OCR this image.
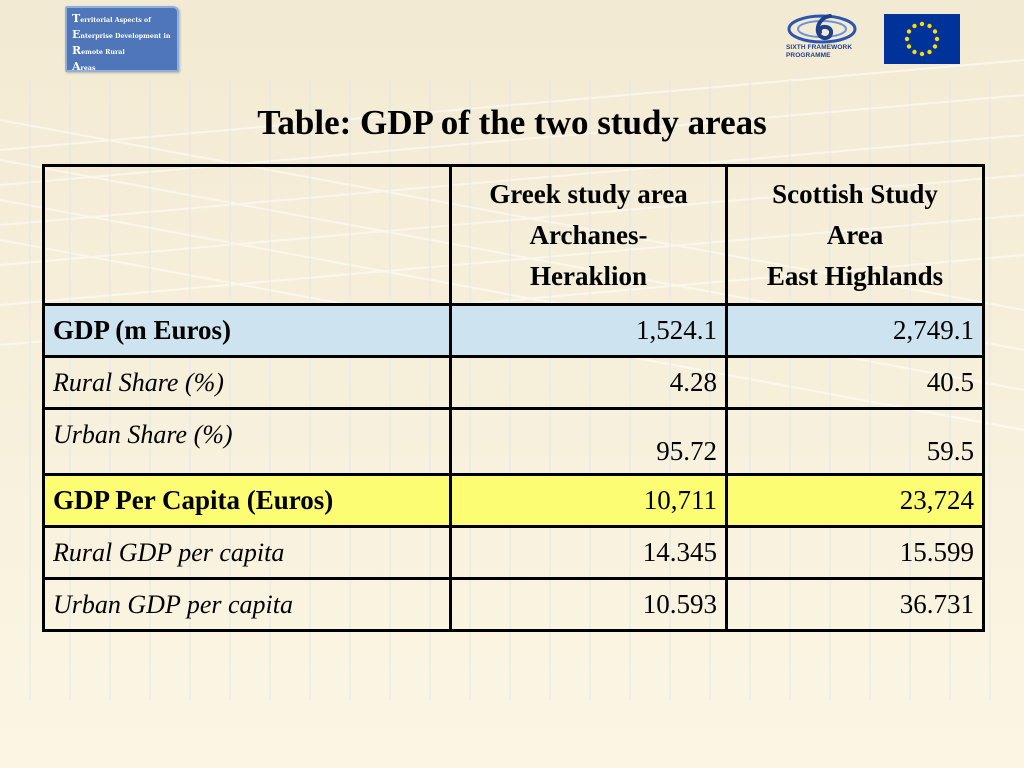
Territorial Aspects of
Enterprise Development in
Remote Rural
Areas
SIXTH FRAMEWORK
PROGRAMME
Table: GDP of the two study areas

	Greek study area
Archanes-
Heraklion	Scottish Study
Area
East Highlands

GDP (m Euros)	1,524.1	2,749.1
Rural Share (%)	4.28	40.5
Urban Share (%)	95.72	59.5
GDP Per Capita (Euros)	10,711	23,724
Rural GDP per capita	14.345	15.599
Urban GDP per capita	10.593	36.731
